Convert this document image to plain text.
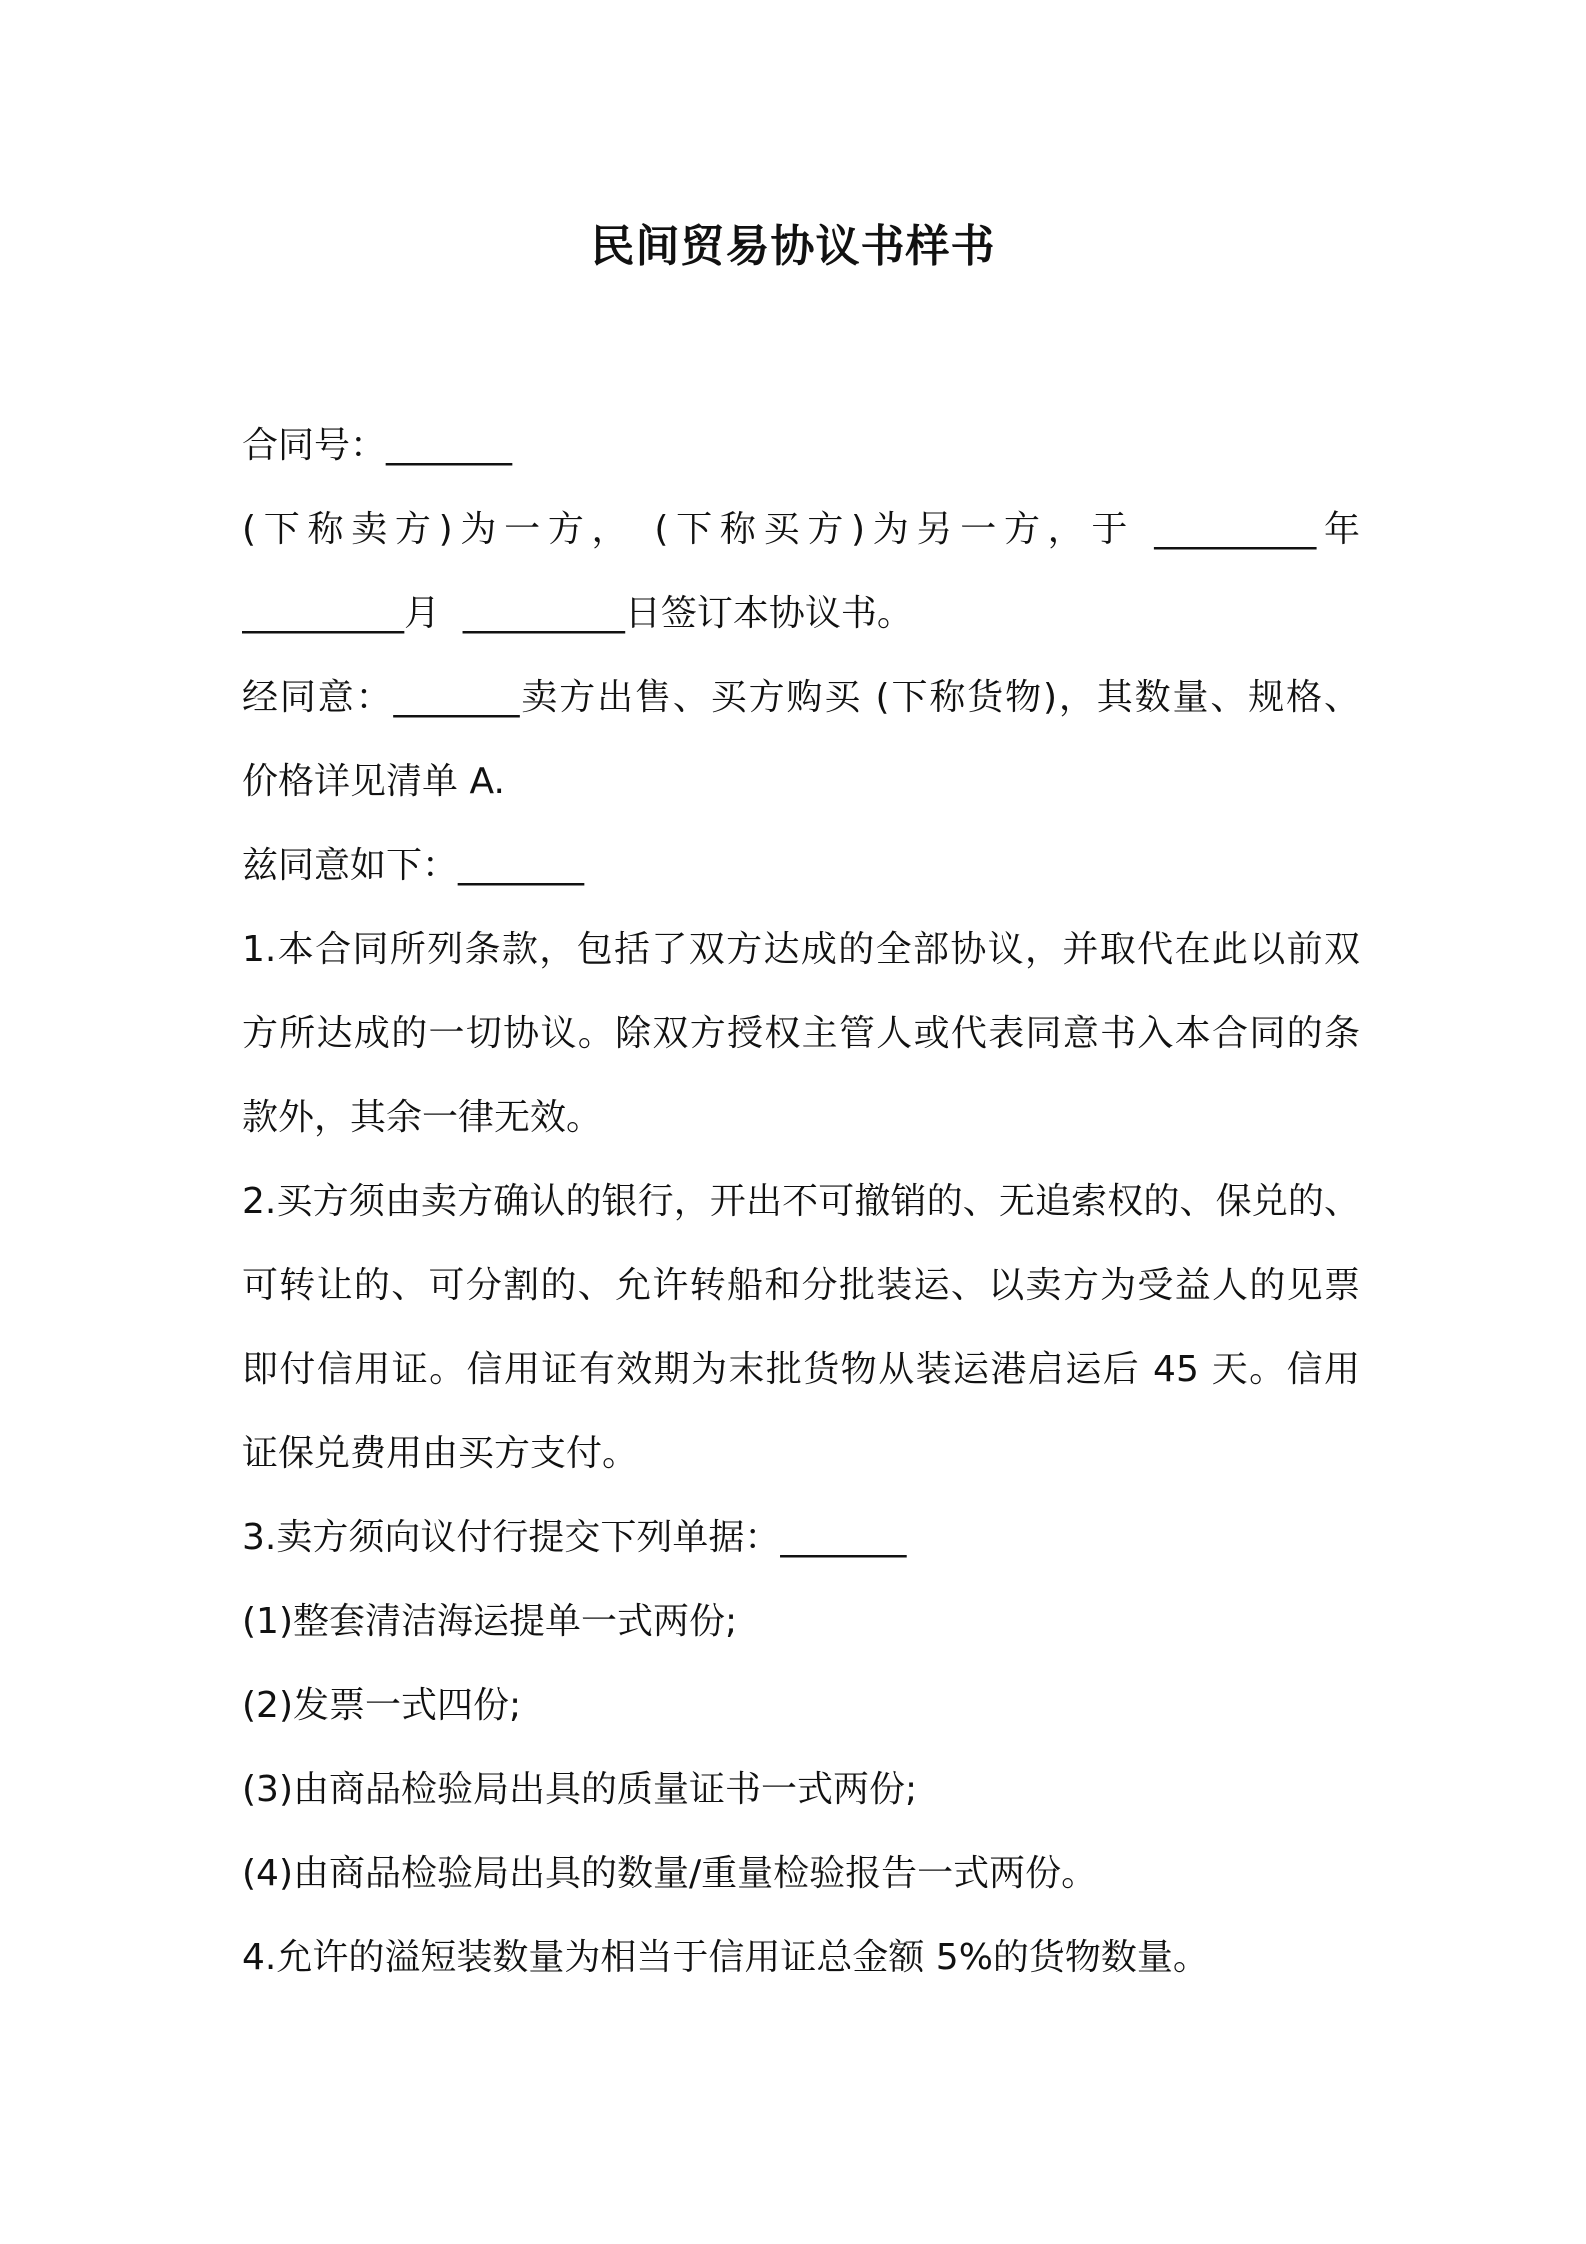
民间贸易协议书样书
合同号：_______
(下称卖方)为一方， (下称买方)为另一方，于 _________年
_________月  _________日签订本协议书。
经同意：_______卖方出售、买方购买 (下称货物)，其数量、规格、
价格详见清单 A.
兹同意如下：_______
1.本合同所列条款，包括了双方达成的全部协议，并取代在此以前双
方所达成的一切协议。除双方授权主管人或代表同意书入本合同的条
款外，其余一律无效。
2.买方须由卖方确认的银行，开出不可撤销的、无追索权的、保兑的、
可转让的、可分割的、允许转船和分批装运、以卖方为受益人的见票
即付信用证。信用证有效期为末批货物从装运港启运后 45 天。信用
证保兑费用由买方支付。
3.卖方须向议付行提交下列单据：_______
(1)整套清洁海运提单一式两份;
(2)发票一式四份;
(3)由商品检验局出具的质量证书一式两份;
(4)由商品检验局出具的数量/重量检验报告一式两份。
4.允许的溢短装数量为相当于信用证总金额 5%的货物数量。
